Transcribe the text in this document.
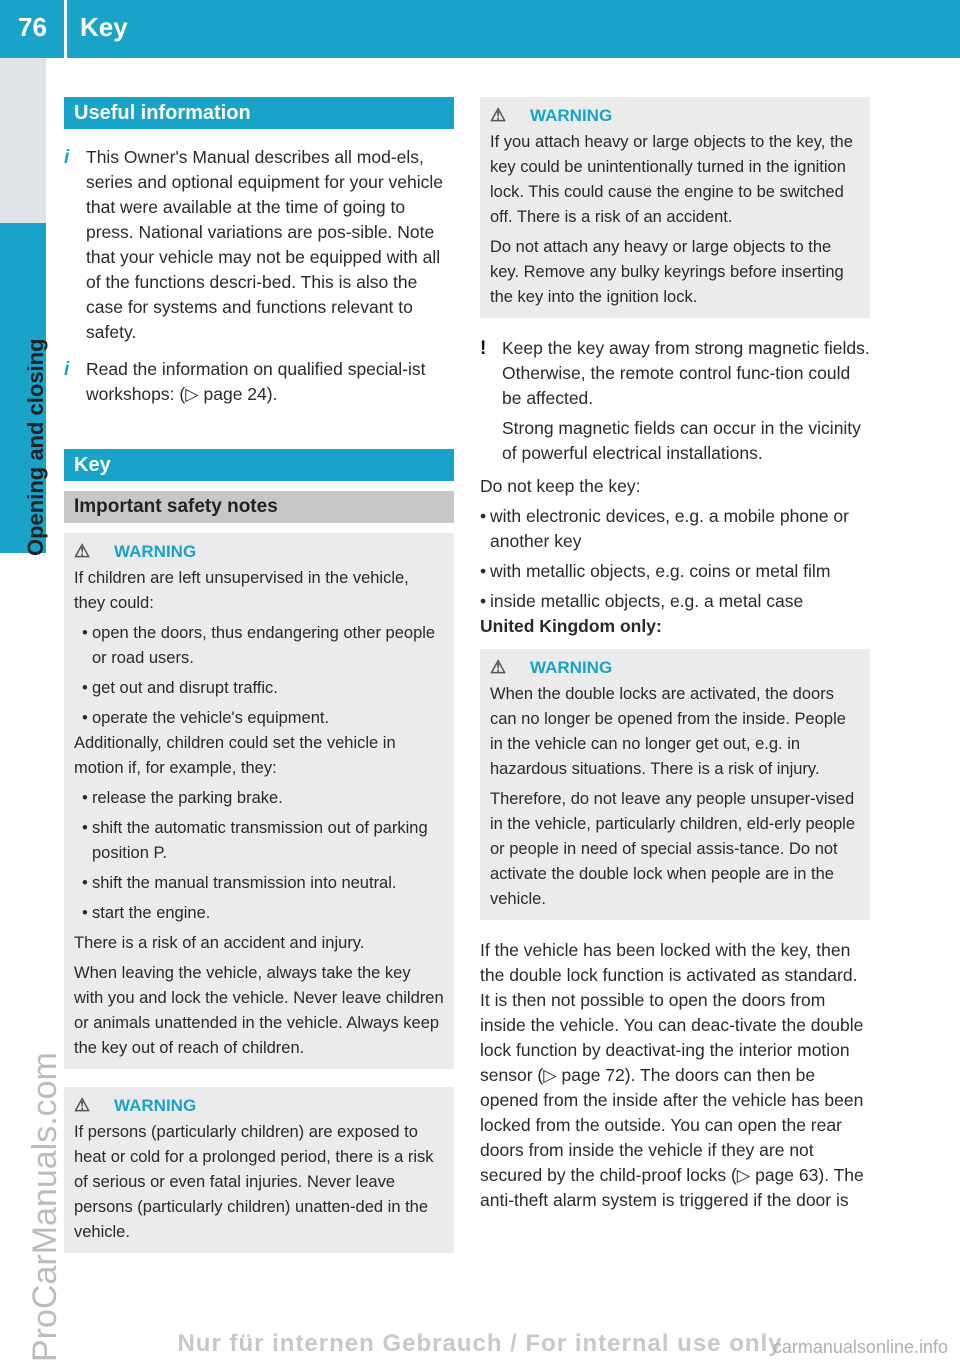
76 Key
Opening and closing
ProCarManuals.com
Useful information
i This Owner's Manual describes all mod-els, series and optional equipment for your vehicle that were available at the time of going to press. National variations are pos-sible. Note that your vehicle may not be equipped with all of the functions descri-bed. This is also the case for systems and functions relevant to safety.
i Read the information on qualified special-ist workshops: (▷ page 24).
Key
Important safety notes
⚠	WARNING
If children are left unsupervised in the vehicle, they could:
• open the doors, thus endangering other people or road users.
• get out and disrupt traffic.
• operate the vehicle's equipment.
Additionally, children could set the vehicle in motion if, for example, they:
• release the parking brake.
• shift the automatic transmission out of parking position P.
• shift the manual transmission into neutral.
• start the engine.
There is a risk of an accident and injury.
When leaving the vehicle, always take the key with you and lock the vehicle. Never leave children or animals unattended in the vehicle. Always keep the key out of reach of children.
⚠	WARNING
If persons (particularly children) are exposed to heat or cold for a prolonged period, there is a risk of serious or even fatal injuries. Never leave persons (particularly children) unatten-ded in the vehicle.
⚠	WARNING
If you attach heavy or large objects to the key, the key could be unintentionally turned in the ignition lock. This could cause the engine to be switched off. There is a risk of an accident.
Do not attach any heavy or large objects to the key. Remove any bulky keyrings before inserting the key into the ignition lock.
! Keep the key away from strong magnetic fields. Otherwise, the remote control func-tion could be affected.
Strong magnetic fields can occur in the vicinity of powerful electrical installations.
Do not keep the key:
• with electronic devices, e.g. a mobile phone or another key
• with metallic objects, e.g. coins or metal film
• inside metallic objects, e.g. a metal case
United Kingdom only:
⚠	WARNING
When the double locks are activated, the doors can no longer be opened from the inside. People in the vehicle can no longer get out, e.g. in hazardous situations. There is a risk of injury.
Therefore, do not leave any people unsuper-vised in the vehicle, particularly children, eld-erly people or people in need of special assis-tance. Do not activate the double lock when people are in the vehicle.
If the vehicle has been locked with the key, then the double lock function is activated as standard. It is then not possible to open the doors from inside the vehicle. You can deac-tivate the double lock function by deactivat-ing the interior motion sensor (▷ page 72). The doors can then be opened from the inside after the vehicle has been locked from the outside. You can open the rear doors from inside the vehicle if they are not secured by the child-proof locks (▷ page 63). The anti-theft alarm system is triggered if the door is
Nur für internen Gebrauch / For internal use only
carmanualsonline.info
